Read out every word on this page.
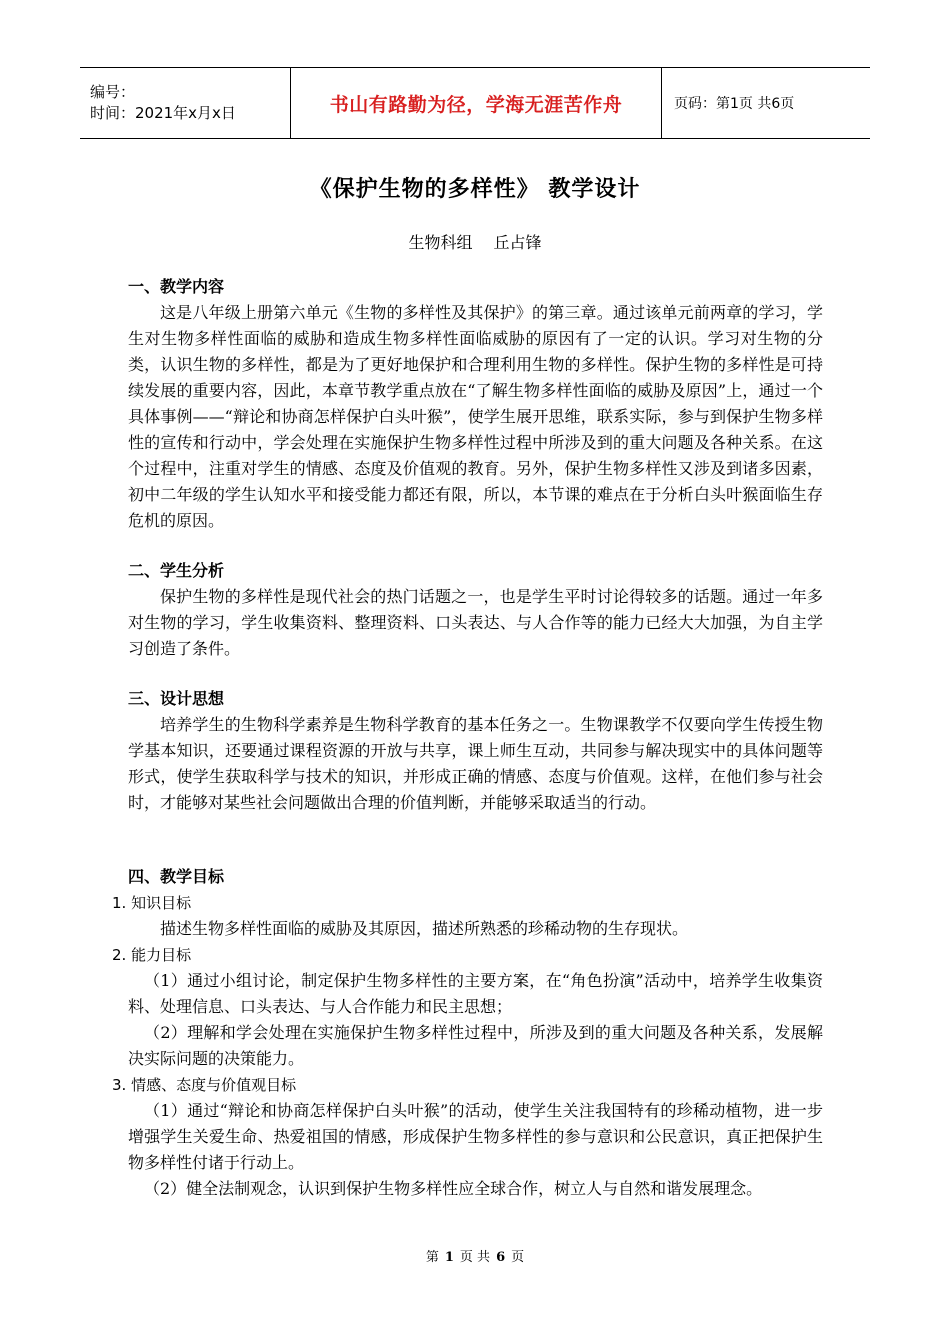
编号：
时间：2021年x月x日	书山有路勤为径，学海无涯苦作舟	页码：第1页 共6页
《保护生物的多样性》 教学设计
生物科组 丘占锋

一、教学内容

这是八年级上册第六单元《生物的多样性及其保护》的第三章。通过该单元前两章的学习，学生对生物多样性面临的威胁和造成生物多样性面临威胁的原因有了一定的认识。学习对生物的分类，认识生物的多样性，都是为了更好地保护和合理利用生物的多样性。保护生物的多样性是可持续发展的重要内容，因此，本章节教学重点放在“了解生物多样性面临的威胁及原因”上，通过一个具体事例——“辩论和协商怎样保护白头叶猴”，使学生展开思维，联系实际，参与到保护生物多样性的宣传和行动中，学会处理在实施保护生物多样性过程中所涉及到的重大问题及各种关系。在这个过程中，注重对学生的情感、态度及价值观的教育。另外，保护生物多样性又涉及到诸多因素，初中二年级的学生认知水平和接受能力都还有限，所以，本节课的难点在于分析白头叶猴面临生存危机的原因。

二、学生分析

保护生物的多样性是现代社会的热门话题之一，也是学生平时讨论得较多的话题。通过一年多对生物的学习，学生收集资料、整理资料、口头表达、与人合作等的能力已经大大加强，为自主学习创造了条件。

三、设计思想

培养学生的生物科学素养是生物科学教育的基本任务之一。生物课教学不仅要向学生传授生物学基本知识，还要通过课程资源的开放与共享，课上师生互动，共同参与解决现实中的具体问题等形式，使学生获取科学与技术的知识，并形成正确的情感、态度与价值观。这样，在他们参与社会时，才能够对某些社会问题做出合理的价值判断，并能够采取适当的行动。

四、教学目标

1. 知识目标

描述生物多样性面临的威胁及其原因，描述所熟悉的珍稀动物的生存现状。

2. 能力目标

（1）通过小组讨论，制定保护生物多样性的主要方案，在“角色扮演”活动中，培养学生收集资料、处理信息、口头表达、与人合作能力和民主思想；

（2）理解和学会处理在实施保护生物多样性过程中，所涉及到的重大问题及各种关系，发展解决实际问题的决策能力。

3. 情感、态度与价值观目标

（1）通过“辩论和协商怎样保护白头叶猴”的活动，使学生关注我国特有的珍稀动植物，进一步增强学生关爱生命、热爱祖国的情感，形成保护生物多样性的参与意识和公民意识，真正把保护生物多样性付诸于行动上。

（2）健全法制观念，认识到保护生物多样性应全球合作，树立人与自然和谐发展理念。

第 1 页 共 6 页
